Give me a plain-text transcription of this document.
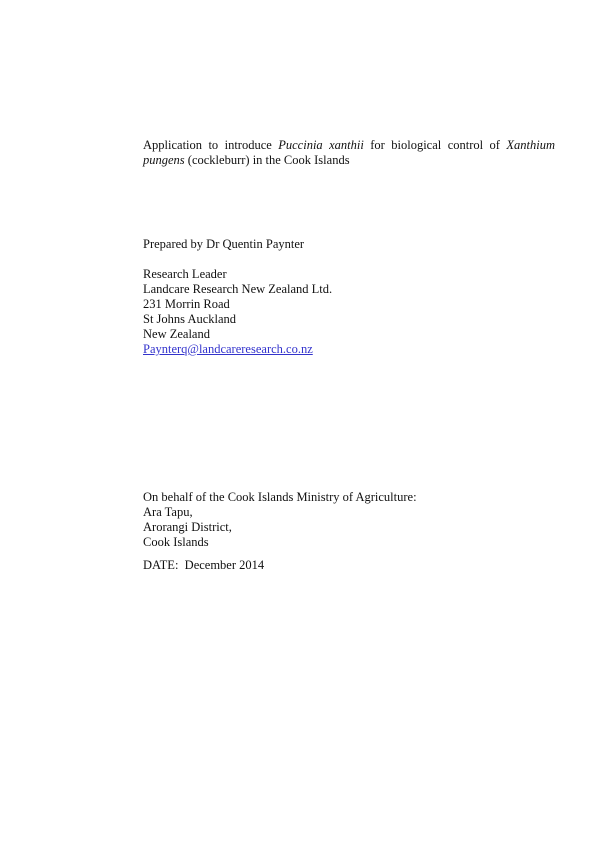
Application to introduce Puccinia xanthii for biological control of Xanthium
pungens (cockleburr) in the Cook Islands
Prepared by Dr Quentin Paynter
Research Leader
Landcare Research New Zealand Ltd.
231 Morrin Road
St Johns Auckland
New Zealand
Paynterq@landcareresearch.co.nz
On behalf of the Cook Islands Ministry of Agriculture:
Ara Tapu,
Arorangi District,
Cook Islands
DATE:  December 2014
